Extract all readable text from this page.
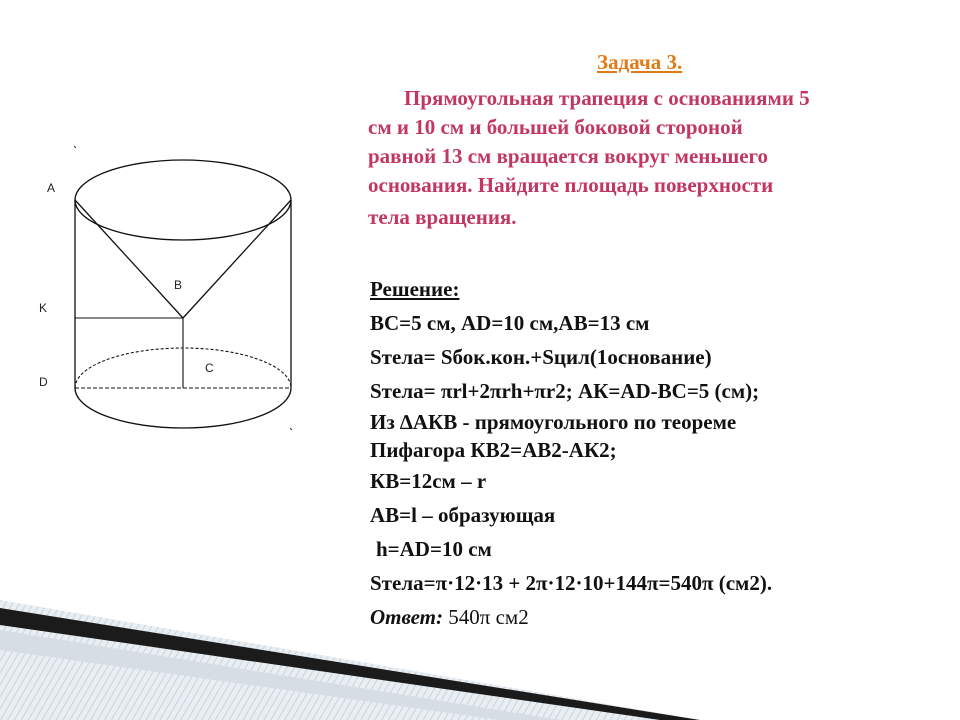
A
B
K
D
C
Задача 3.
Прямоугольная трапеция с основаниями 5
см и 10 см и большей боковой стороной
равной 13 см вращается вокруг меньшего
основания. Найдите площадь поверхности
тела вращения.
Решение:
ВС=5 см, АD=10 см,АВ=13 см
Sтела= Sбок.кон.+Sцил(1основание)
Sтела= πrl+2πrh+πr2; АК=АD-ВС=5 (см);
Из ∆АКВ - прямоугольного по теореме
Пифагора КВ2=АВ2-АК2;
КВ=12см – r
АВ=l – образующая
h=АD=10 см
Sтела=π·12·13 + 2π·12·10+144π=540π (см2).
Ответ: 540π см2
